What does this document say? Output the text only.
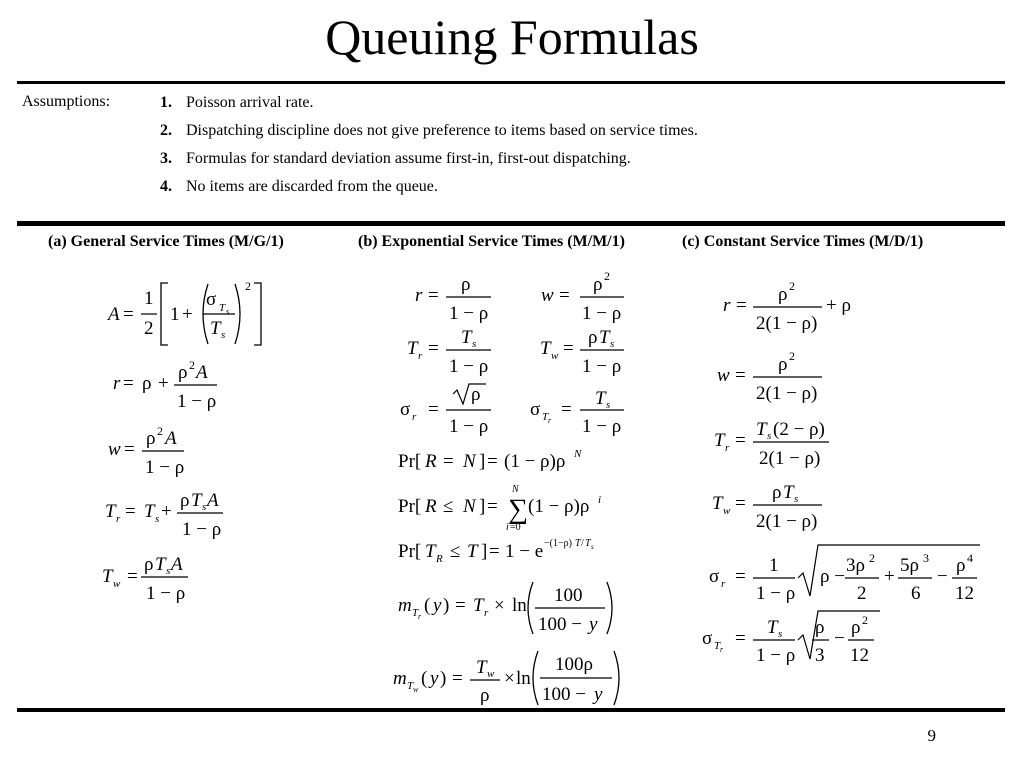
Queuing Formulas
Assumptions:	1. Poisson arrival rate.
2. Dispatching discipline does not give preference to items based on service times.
3. Formulas for standard deviation assume first-in, first-out dispatching.
4. No items are discarded from the queue.
(a) General Service Times (M/G/1)	(b) Exponential Service Times (M/M/1)	(c) Constant Service Times (M/D/1)
A =
1
2
1 +
σ T s
T s
2
r = ρ +
ρ 2 A
1 − ρ
w =
ρ 2 A
1 − ρ
T r = T s +
ρ T s A
1 − ρ
T w =
ρ T s A
1 − ρ
r =
ρ
1 − ρ
w =
ρ 2
1 − ρ
T r =
T s
1 − ρ
T w =
ρ T s
1 − ρ
σ r =
ρ
1 − ρ
σ T r
=
T s
1 − ρ
Pr[ R = N ] = (1 − ρ)ρ N
Pr[ R ≤ N ] =
N
∑
i =0
(1 − ρ)ρ i
Pr[ T R ≤ T ] = 1 − e −(1−ρ) T / T s
m T r
( y ) = T r × ln 100
100 − y
m T w
( y ) =
T w
ρ
× ln
100ρ
100 − y
r =
ρ 2
2(1 − ρ)
+ ρ
w =
ρ 2
2(1 − ρ)
T r =
T s (2 − ρ)
2(1 − ρ)
T w =
ρ T s
2(1 − ρ)
σ r =
1
1 − ρ
ρ −
3ρ 2
2
+
5ρ 3
6
−
ρ 4
12
σ T r
=
T s
1 − ρ
ρ
3
−
ρ 2
12
9
